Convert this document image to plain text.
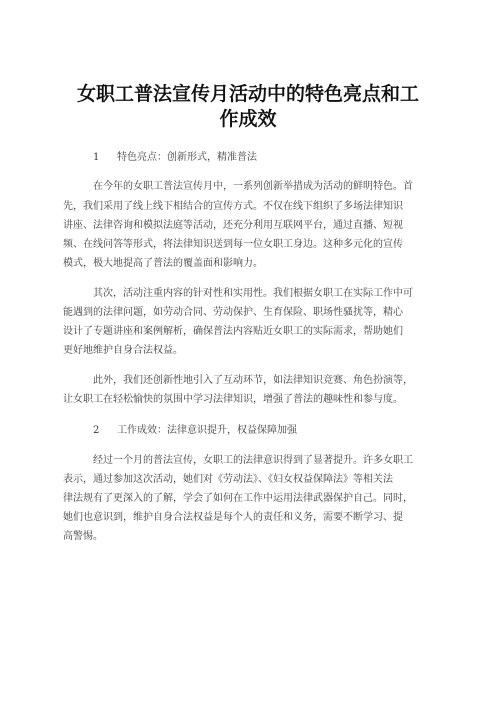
女职工普法宣传月活动中的特色亮点和工
作成效
1 特色亮点：创新形式，精准普法
在今年的女职工普法宣传月中，一系列创新举措成为活动的鲜明特色。首
先，我们采用了线上线下相结合的宣传方式。不仅在线下组织了多场法律知识
讲座、法律咨询和模拟法庭等活动，还充分利用互联网平台，通过直播、短视
频、在线问答等形式，将法律知识送到每一位女职工身边。这种多元化的宣传
模式，极大地提高了普法的覆盖面和影响力。
其次，活动注重内容的针对性和实用性。我们根据女职工在实际工作中可
能遇到的法律问题，如劳动合同、劳动保护、生育保险、职场性骚扰等，精心
设计了专题讲座和案例解析，确保普法内容贴近女职工的实际需求，帮助她们
更好地维护自身合法权益。
此外，我们还创新性地引入了互动环节，如法律知识竞赛、角色扮演等，
让女职工在轻松愉快的氛围中学习法律知识，增强了普法的趣味性和参与度。
2 工作成效：法律意识提升，权益保障加强
经过一个月的普法宣传，女职工的法律意识得到了显著提升。许多女职工
表示，通过参加这次活动，她们对《劳动法》、《妇女权益保障法》等相关法
律法规有了更深入的了解，学会了如何在工作中运用法律武器保护自己。同时，
她们也意识到，维护自身合法权益是每个人的责任和义务，需要不断学习、提
高警惕。
